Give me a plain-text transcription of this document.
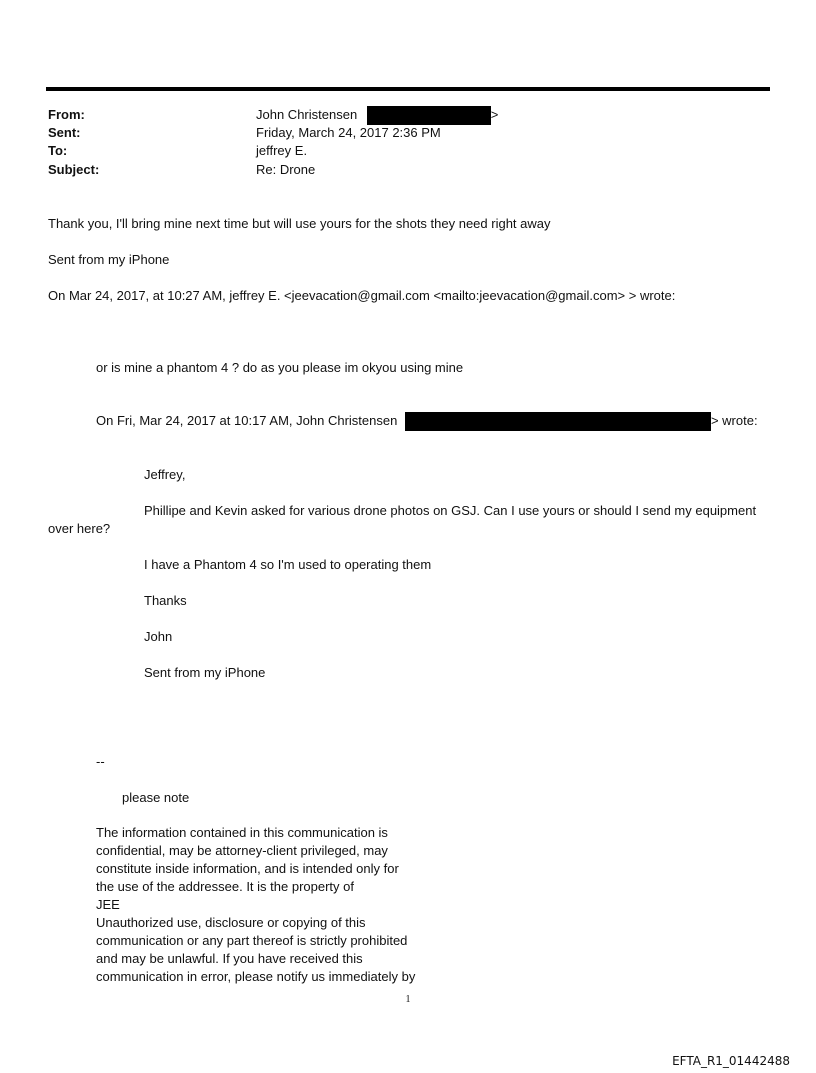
From:
Sent:
To:
Subject:
John Christensen	>
Friday, March 24, 2017 2:36 PM
jeffrey E.
Re: Drone
Thank you, I'll bring mine next time but will use yours for the shots they need right away
Sent from my iPhone
On Mar 24, 2017, at 10:27 AM, jeffrey E. <jeevacation@gmail.com <mailto:jeevacation@gmail.com> > wrote:
or is mine a phantom 4 ? do as you please im okyou using mine
On Fri, Mar 24, 2017 at 10:17 AM, John Christensen	> wrote:
Jeffrey,
Phillipe and Kevin asked for various drone photos on GSJ. Can I use yours or should I send my equipment
over here?
I have a Phantom 4 so I'm used to operating them
Thanks
John
Sent from my iPhone
--
please note
The information contained in this communication is
confidential, may be attorney-client privileged, may
constitute inside information, and is intended only for
the use of the addressee. It is the property of
JEE
Unauthorized use, disclosure or copying of this
communication or any part thereof is strictly prohibited
and may be unlawful. If you have received this
communication in error, please notify us immediately by
1
EFTA_R1_01442488
